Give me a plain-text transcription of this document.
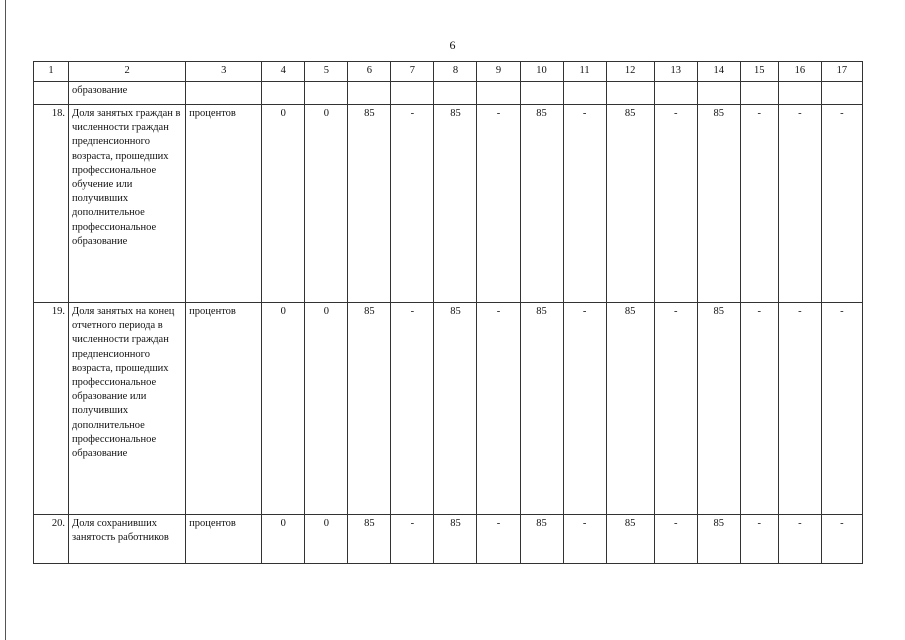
6
1	2	3	4	5	6	7	8	9	10	11	12	13	14	15	16	17
	образование															
18.	Доля занятых граждан в численности граждан предпенсионного возраста, прошедших профессиональное обучение или получивших дополнительное профессиональное образование	процентов	0	0	85	-	85	-	85	-	85	-	85	-	-	-
19.	Доля занятых на конец отчетного периода в численности граждан предпенсионного возраста, прошедших профессиональное образование или получивших дополнительное профессиональное образование	процентов	0	0	85	-	85	-	85	-	85	-	85	-	-	-
20.	Доля сохранивших занятость работников	процентов	0	0	85	-	85	-	85	-	85	-	85	-	-	-
